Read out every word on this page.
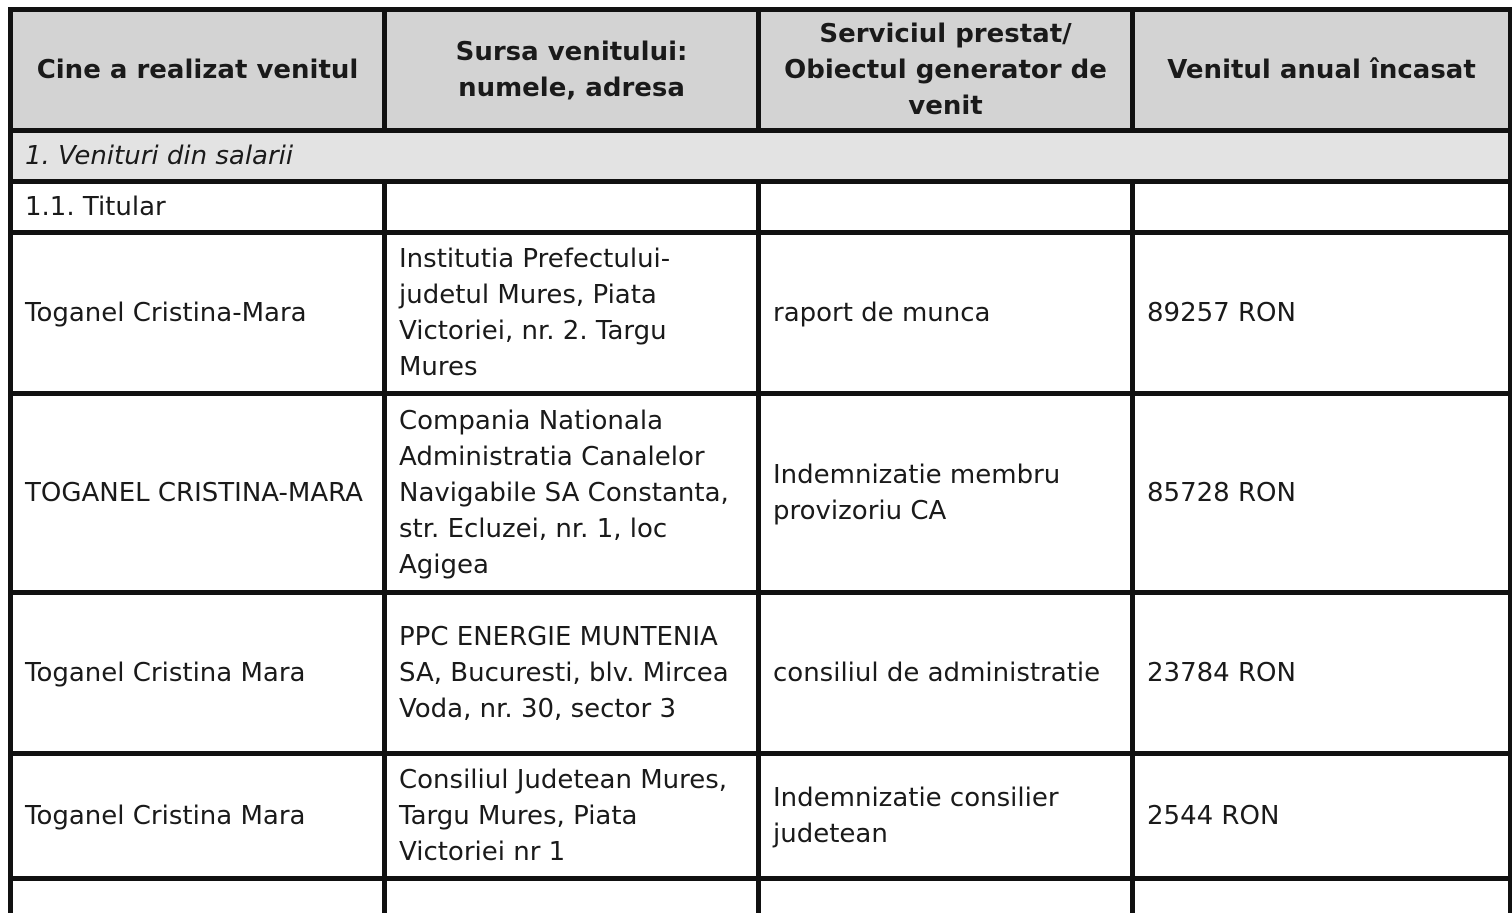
Cine a realizat venitul	Sursa venitului: numele, adresa	Serviciul prestat/ Obiectul generator de venit	Venitul anual încasat
1. Venituri din salarii			
1.1. Titular			
Toganel Cristina-Mara	Institutia Prefectului-judetul Mures, Piata Victoriei, nr. 2. Targu Mures	raport de munca	89257 RON
TOGANEL CRISTINA-MARA	Compania Nationala Administratia Canalelor Navigabile SA Constanta, str. Ecluzei, nr. 1, loc Agigea	Indemnizatie membru provizoriu CA	85728 RON
Toganel Cristina Mara	PPC ENERGIE MUNTENIA SA, Bucuresti, blv. Mircea Voda, nr. 30, sector 3	consiliul de administratie	23784 RON
Toganel Cristina Mara	Consiliul Judetean Mures, Targu Mures, Piata Victoriei nr 1	Indemnizatie consilier judetean	2544 RON
